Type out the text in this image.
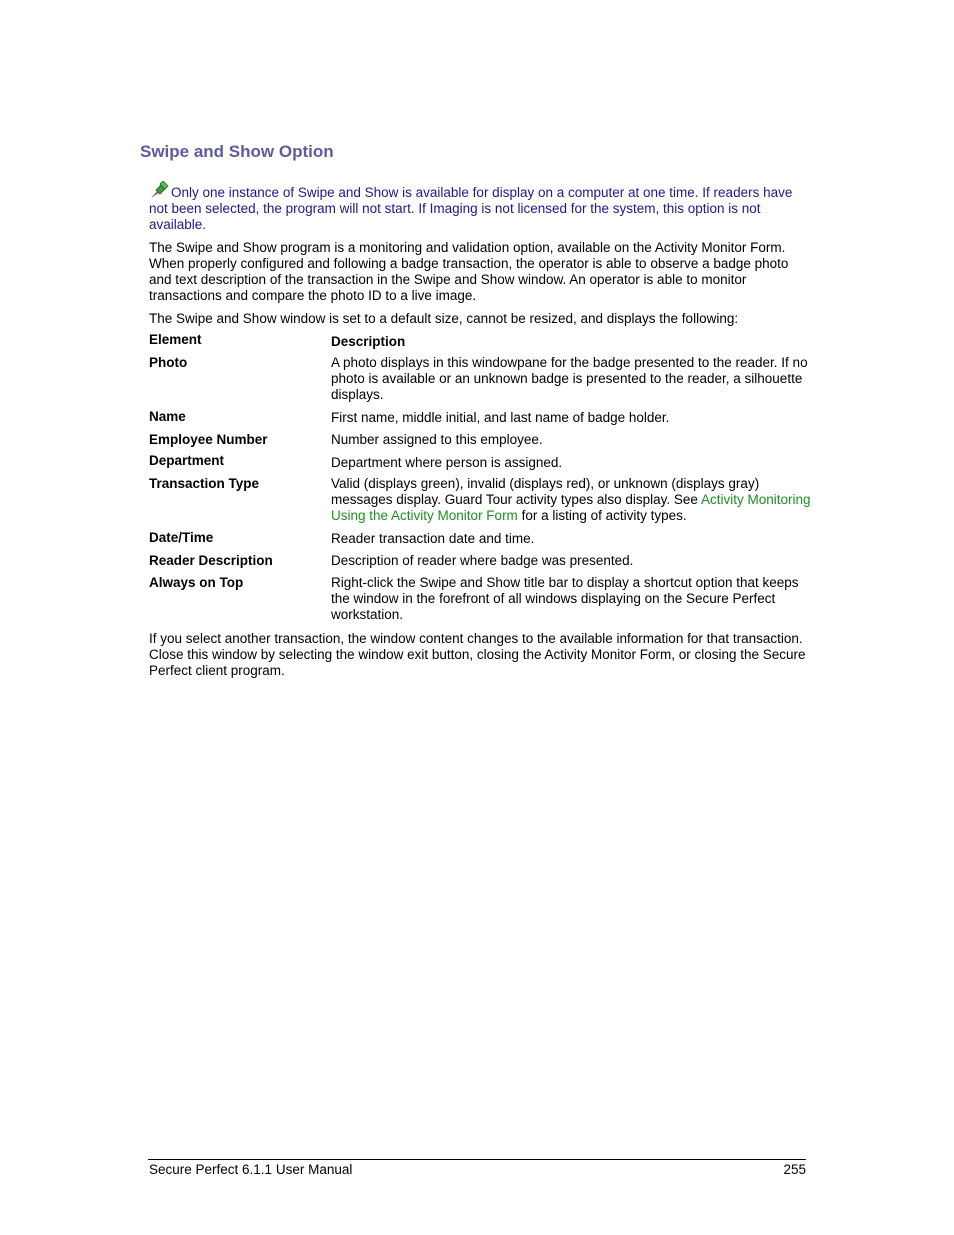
Swipe and Show Option

Only one instance of Swipe and Show is available for display on a computer at one time. If readers have not been selected, the program will not start. If Imaging is not licensed for the system, this option is not available.

The Swipe and Show program is a monitoring and validation option, available on the Activity Monitor Form. When properly configured and following a badge transaction, the operator is able to observe a badge photo and text description of the transaction in the Swipe and Show window. An operator is able to monitor transactions and compare the photo ID to a live image.

The Swipe and Show window is set to a default size, cannot be resized, and displays the following:

Element	Description
Photo	A photo displays in this windowpane for the badge presented to the reader. If no photo is available or an unknown badge is presented to the reader, a silhouette displays.
Name	First name, middle initial, and last name of badge holder.
Employee Number	Number assigned to this employee.
Department	Department where person is assigned.
Transaction Type	Valid (displays green), invalid (displays red), or unknown (displays gray) messages display. Guard Tour activity types also display. See Activity Monitoring Using the Activity Monitor Form for a listing of activity types.
Date/Time	Reader transaction date and time.
Reader Description	Description of reader where badge was presented.
Always on Top	Right-click the Swipe and Show title bar to display a shortcut option that keeps the window in the forefront of all windows displaying on the Secure Perfect workstation.

If you select another transaction, the window content changes to the available information for that transaction. Close this window by selecting the window exit button, closing the Activity Monitor Form, or closing the Secure Perfect client program.

Secure Perfect 6.1.1 User Manual	255
